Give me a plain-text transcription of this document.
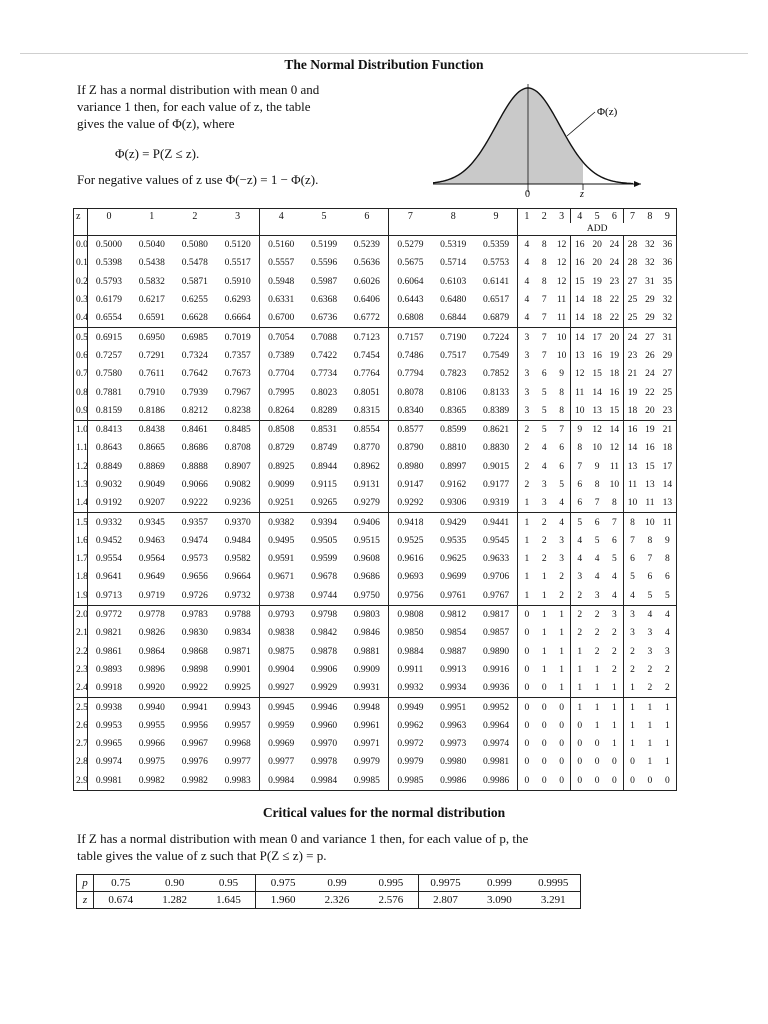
The Normal Distribution Function
If Z has a normal distribution with mean 0 and
variance 1 then, for each value of z, the table
gives the value of Φ(z), where
Φ(z) = P(Z ≤ z).
For negative values of z use Φ(−z) = 1 − Φ(z).
Φ(z)
0	z
z	0	1	2	3	4	5	6	7	8	9	1	2	3	4	5	6	7	8	9
											ADD								
0.0	0.5000	0.5040	0.5080	0.5120	0.5160	0.5199	0.5239	0.5279	0.5319	0.5359	4	8	12	16	20	24	28	32	36
0.1	0.5398	0.5438	0.5478	0.5517	0.5557	0.5596	0.5636	0.5675	0.5714	0.5753	4	8	12	16	20	24	28	32	36
0.2	0.5793	0.5832	0.5871	0.5910	0.5948	0.5987	0.6026	0.6064	0.6103	0.6141	4	8	12	15	19	23	27	31	35
0.3	0.6179	0.6217	0.6255	0.6293	0.6331	0.6368	0.6406	0.6443	0.6480	0.6517	4	7	11	14	18	22	25	29	32
0.4	0.6554	0.6591	0.6628	0.6664	0.6700	0.6736	0.6772	0.6808	0.6844	0.6879	4	7	11	14	18	22	25	29	32
0.5	0.6915	0.6950	0.6985	0.7019	0.7054	0.7088	0.7123	0.7157	0.7190	0.7224	3	7	10	14	17	20	24	27	31
0.6	0.7257	0.7291	0.7324	0.7357	0.7389	0.7422	0.7454	0.7486	0.7517	0.7549	3	7	10	13	16	19	23	26	29
0.7	0.7580	0.7611	0.7642	0.7673	0.7704	0.7734	0.7764	0.7794	0.7823	0.7852	3	6	9	12	15	18	21	24	27
0.8	0.7881	0.7910	0.7939	0.7967	0.7995	0.8023	0.8051	0.8078	0.8106	0.8133	3	5	8	11	14	16	19	22	25
0.9	0.8159	0.8186	0.8212	0.8238	0.8264	0.8289	0.8315	0.8340	0.8365	0.8389	3	5	8	10	13	15	18	20	23
1.0	0.8413	0.8438	0.8461	0.8485	0.8508	0.8531	0.8554	0.8577	0.8599	0.8621	2	5	7	9	12	14	16	19	21
1.1	0.8643	0.8665	0.8686	0.8708	0.8729	0.8749	0.8770	0.8790	0.8810	0.8830	2	4	6	8	10	12	14	16	18
1.2	0.8849	0.8869	0.8888	0.8907	0.8925	0.8944	0.8962	0.8980	0.8997	0.9015	2	4	6	7	9	11	13	15	17
1.3	0.9032	0.9049	0.9066	0.9082	0.9099	0.9115	0.9131	0.9147	0.9162	0.9177	2	3	5	6	8	10	11	13	14
1.4	0.9192	0.9207	0.9222	0.9236	0.9251	0.9265	0.9279	0.9292	0.9306	0.9319	1	3	4	6	7	8	10	11	13
1.5	0.9332	0.9345	0.9357	0.9370	0.9382	0.9394	0.9406	0.9418	0.9429	0.9441	1	2	4	5	6	7	8	10	11
1.6	0.9452	0.9463	0.9474	0.9484	0.9495	0.9505	0.9515	0.9525	0.9535	0.9545	1	2	3	4	5	6	7	8	9
1.7	0.9554	0.9564	0.9573	0.9582	0.9591	0.9599	0.9608	0.9616	0.9625	0.9633	1	2	3	4	4	5	6	7	8
1.8	0.9641	0.9649	0.9656	0.9664	0.9671	0.9678	0.9686	0.9693	0.9699	0.9706	1	1	2	3	4	4	5	6	6
1.9	0.9713	0.9719	0.9726	0.9732	0.9738	0.9744	0.9750	0.9756	0.9761	0.9767	1	1	2	2	3	4	4	5	5
2.0	0.9772	0.9778	0.9783	0.9788	0.9793	0.9798	0.9803	0.9808	0.9812	0.9817	0	1	1	2	2	3	3	4	4
2.1	0.9821	0.9826	0.9830	0.9834	0.9838	0.9842	0.9846	0.9850	0.9854	0.9857	0	1	1	2	2	2	3	3	4
2.2	0.9861	0.9864	0.9868	0.9871	0.9875	0.9878	0.9881	0.9884	0.9887	0.9890	0	1	1	1	2	2	2	3	3
2.3	0.9893	0.9896	0.9898	0.9901	0.9904	0.9906	0.9909	0.9911	0.9913	0.9916	0	1	1	1	1	2	2	2	2
2.4	0.9918	0.9920	0.9922	0.9925	0.9927	0.9929	0.9931	0.9932	0.9934	0.9936	0	0	1	1	1	1	1	2	2
2.5	0.9938	0.9940	0.9941	0.9943	0.9945	0.9946	0.9948	0.9949	0.9951	0.9952	0	0	0	1	1	1	1	1	1
2.6	0.9953	0.9955	0.9956	0.9957	0.9959	0.9960	0.9961	0.9962	0.9963	0.9964	0	0	0	0	1	1	1	1	1
2.7	0.9965	0.9966	0.9967	0.9968	0.9969	0.9970	0.9971	0.9972	0.9973	0.9974	0	0	0	0	0	1	1	1	1
2.8	0.9974	0.9975	0.9976	0.9977	0.9977	0.9978	0.9979	0.9979	0.9980	0.9981	0	0	0	0	0	0	0	1	1
2.9	0.9981	0.9982	0.9982	0.9983	0.9984	0.9984	0.9985	0.9985	0.9986	0.9986	0	0	0	0	0	0	0	0	0
Critical values for the normal distribution
If Z has a normal distribution with mean 0 and variance 1 then, for each value of p, the
table gives the value of z such that P(Z ≤ z) = p.
p	0.75	0.90	0.95	0.975	0.99	0.995	0.9975	0.999	0.9995
z	0.674	1.282	1.645	1.960	2.326	2.576	2.807	3.090	3.291
